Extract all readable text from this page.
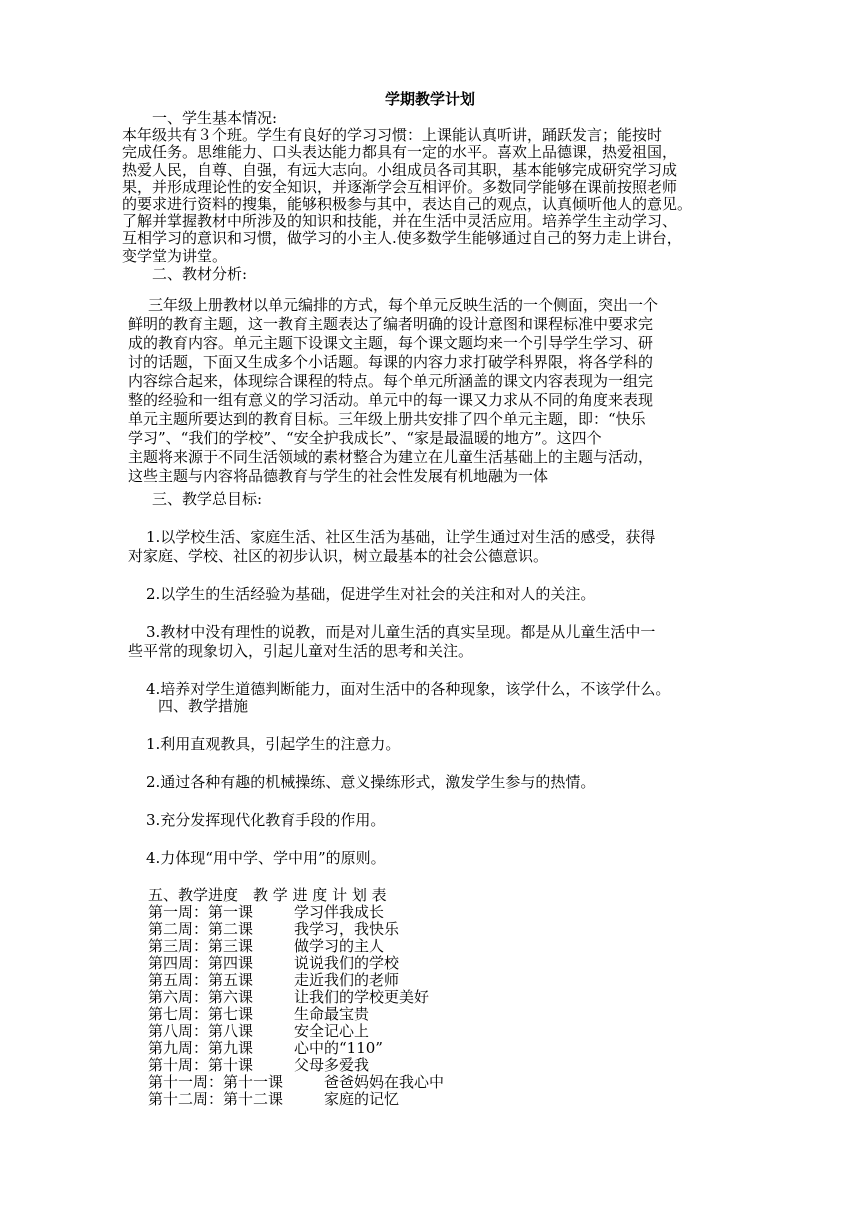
学期教学计划
一、学生基本情况:
本年级共有３个班。学生有良好的学习习惯：上课能认真听讲，踊跃发言；能按时
完成任务。思维能力、口头表达能力都具有一定的水平。喜欢上品德课，热爱祖国，
热爱人民，自尊、自强，有远大志向。小组成员各司其职，基本能够完成研究学习成
果，并形成理论性的安全知识，并逐渐学会互相评价。多数同学能够在课前按照老师
的要求进行资料的搜集，能够积极参与其中，表达自己的观点，认真倾听他人的意见。
了解并掌握教材中所涉及的知识和技能，并在生活中灵活应用。培养学生主动学习、
互相学习的意识和习惯，做学习的小主人.使多数学生能够通过自己的努力走上讲台，
变学堂为讲堂。
二、教材分析:
三年级上册教材以单元编排的方式，每个单元反映生活的一个侧面，突出一个
鲜明的教育主题，这一教育主题表达了编者明确的设计意图和课程标准中要求完
成的教育内容。单元主题下设课文主题，每个课文题均来一个引导学生学习、研
讨的话题，下面又生成多个小话题。每课的内容力求打破学科界限，将各学科的
内容综合起来，体现综合课程的特点。每个单元所涵盖的课文内容表现为一组完
整的经验和一组有意义的学习活动。单元中的每一课又力求从不同的角度来表现
单元主题所要达到的教育目标。三年级上册共安排了四个单元主题，即：“快乐
学习”、“我们的学校”、“安全护我成长”、“家是最温暖的地方”。这四个
主题将来源于不同生活领域的素材整合为建立在儿童生活基础上的主题与活动，
这些主题与内容将品德教育与学生的社会性发展有机地融为一体
三、教学总目标:
1.以学校生活、家庭生活、社区生活为基础，让学生通过对生活的感受，获得
对家庭、学校、社区的初步认识，树立最基本的社会公德意识。
2.以学生的生活经验为基础，促进学生对社会的关注和对人的关注。
3.教材中没有理性的说教，而是对儿童生活的真实呈现。都是从儿童生活中一
些平常的现象切入，引起儿童对生活的思考和关注。
4.培养对学生道德判断能力，面对生活中的各种现象，该学什么，不该学什么。
四、教学措施
1.利用直观教具，引起学生的注意力。
2.通过各种有趣的机械操练、意义操练形式，激发学生参与的热情。
3.充分发挥现代化教育手段的作用。
4.力体现“用中学、学中用”的原则。
五、教学进度　教 学 进 度 计 划 表
第一周：第一课	学习伴我成长
第二周：第二课	我学习，我快乐
第三周：第三课	做学习的主人
第四周：第四课	说说我们的学校
第五周：第五课	走近我们的老师
第六周：第六课	让我们的学校更美好
第七周：第七课	生命最宝贵
第八周：第八课	安全记心上
第九周：第九课	心中的“110”
第十周：第十课	父母多爱我
第十一周：第十一课	爸爸妈妈在我心中
第十二周：第十二课	家庭的记忆
